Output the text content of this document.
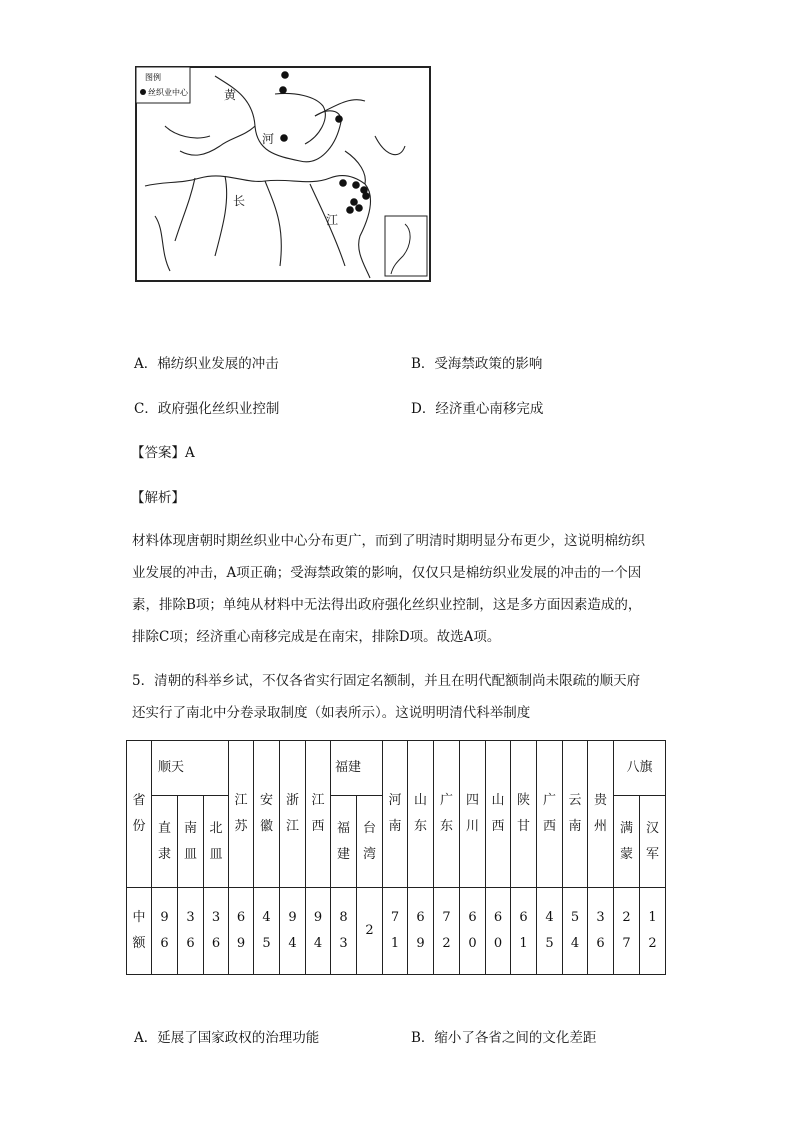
图例
丝织业中心	黄
河
长
江
A．棉纺织业发展的冲击	B．受海禁政策的影响
C．政府强化丝织业控制	D．经济重心南移完成
【答案】A
【解析】
材料体现唐朝时期丝织业中心分布更广，而到了明清时期明显分布更少，这说明棉纺织
业发展的冲击，A项正确；受海禁政策的影响，仅仅只是棉纺织业发展的冲击的一个因
素，排除B项；单纯从材料中无法得出政府强化丝织业控制，这是多方面因素造成的，
排除C项；经济重心南移完成是在南宋，排除D项。故选A项。
5．清朝的科举乡试，不仅各省实行固定名额制，并且在明代配额制尚未限疏的顺天府
还实行了南北中分卷录取制度（如表所示）。这说明明清代科举制度
省份	顺天			江苏	安徽	浙江	江西	福建		河南	山东	广东	四川	山西	陕甘	广西	云南	贵州	八旗	
	直隶	南皿	北皿					福建	台湾										满蒙	汉军
中额	96	36	36	69	45	94	94	83	2	71	69	72	60	60	61	45	54	36	27	12
A．延展了国家政权的治理功能	B．缩小了各省之间的文化差距
